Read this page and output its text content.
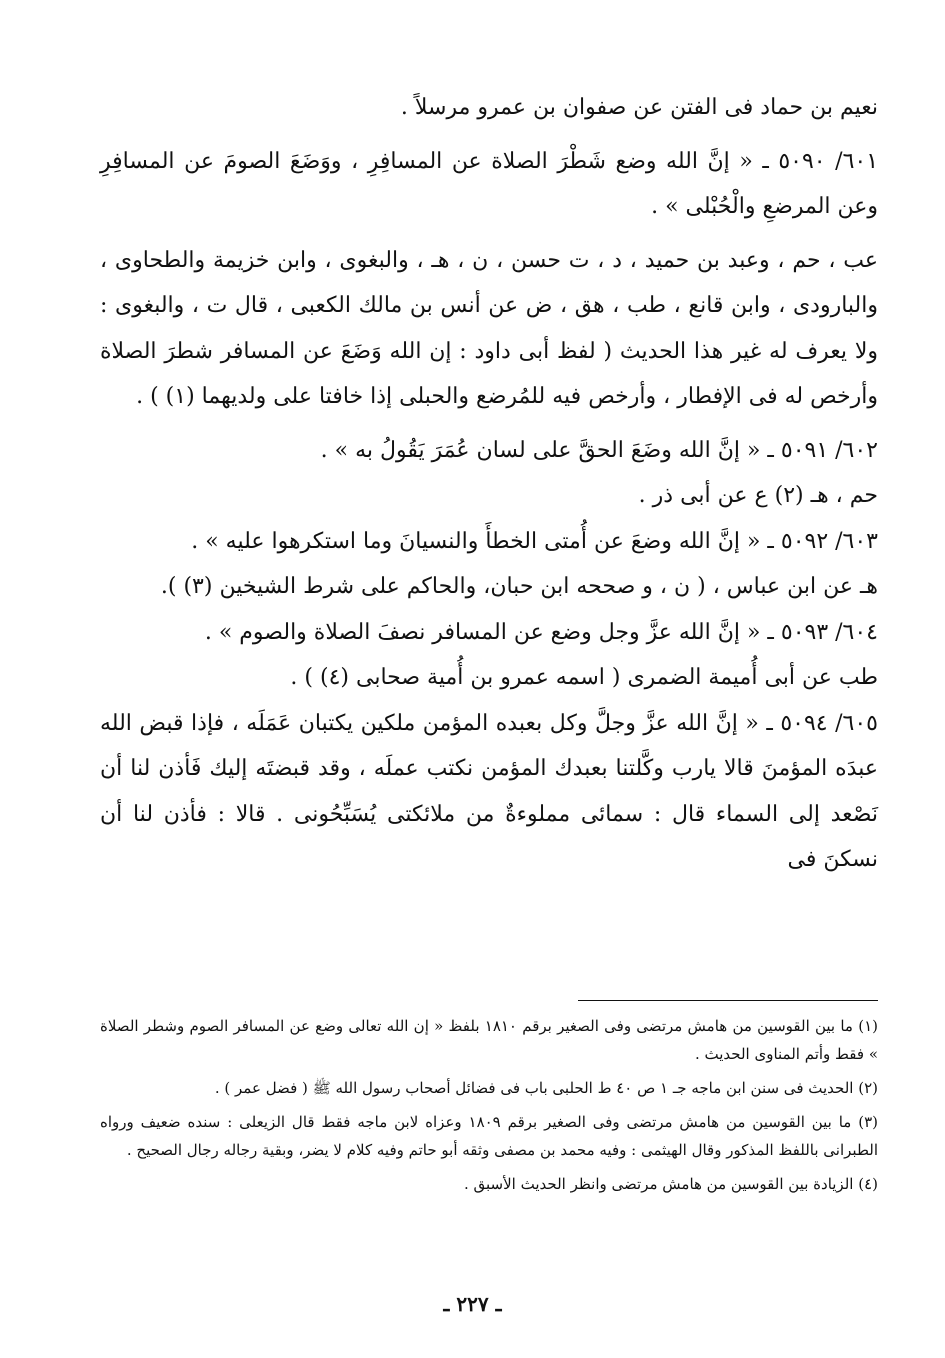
نعيم بن حماد فى الفتن عن صفوان بن عمرو مرسلاً .

٦٠١/ ٥٠٩٠ ـ « إنَّ الله وضع شَطْرَ الصلاة عن المسافِرِ ، ووَضَعَ الصومَ عن المسافِرِ وعن المرضعِ والْحُبْلى » .

عب ، حم ، وعبد بن حميد ، د ، ت حسن ، ن ، هـ ، والبغوى ، وابن خزيمة والطحاوى ، والبارودى ، وابن قانع ، طب ، هق ، ض عن أنس بن مالك الكعبى ، قال ت ، والبغوى : ولا يعرف له غير هذا الحديث ( لفظ أبى داود : إن الله وَضَعَ عن المسافر شطرَ الصلاة وأرخص له فى الإفطار ، وأرخص فيه للمُرضع والحبلى إذا خافتا على ولديهما (١) ) .

٦٠٢/ ٥٠٩١ ـ « إنَّ الله وضَعَ الحقَّ على لسان عُمَرَ يَقُولُ به » .

حم ، هـ (٢) ع عن أبى ذر .

٦٠٣/ ٥٠٩٢ ـ « إنَّ الله وضعَ عن أُمتى الخطأَ والنسيانَ وما استكرهوا عليه » .

هـ عن ابن عباس ، ( ن ، و صححه ابن حبان، والحاكم على شرط الشيخين (٣) ).

٦٠٤/ ٥٠٩٣ ـ « إنَّ الله عزَّ وجل وضع عن المسافر نصفَ الصلاة والصوم » .

طب عن أبى أُميمة الضمرى ( اسمه عمرو بن أُمية صحابى (٤) ) .

٦٠٥/ ٥٠٩٤ ـ « إنَّ الله عزَّ وجلَّ وكل بعبده المؤمن ملكين يكتبان عَمَلَه ، فإذا قبض الله عبدَه المؤمنَ قالا يارب وكَّلتنا بعبدك المؤمن نكتب عملَه ، وقد قبضتَه إليك فَأذن لنا أن نَصْعد إلى السماء قال : سمائى مملوءةٌ من ملائكتى يُسَبِّحُونى . قالا : فأذن لنا أن نسكنَ فى

(١) ما بين القوسين من هامش مرتضى وفى الصغير برقم ١٨١٠ بلفظ « إن الله تعالى وضع عن المسافر الصوم وشطر الصلاة » فقط وأتم المناوى الحديث .

(٢) الحديث فى سنن ابن ماجه جـ ١ ص ٤٠ ط الحلبى باب فى فضائل أصحاب رسول الله ﷺ ( فضل عمر ) .

(٣) ما بين القوسين من هامش مرتضى وفى الصغير برقم ١٨٠٩ وعزاه لابن ماجه فقط قال الزيعلى : سنده ضعيف ورواه الطبرانى باللفظ المذكور وقال الهيثمى : وفيه محمد بن مصفى وثقه أبو حاتم وفيه كلام لا يضر، وبقية رجاله رجال الصحيح .

(٤) الزيادة بين القوسين من هامش مرتضى وانظر الحديث الأسبق .

ـ ٢٢٧ ـ
